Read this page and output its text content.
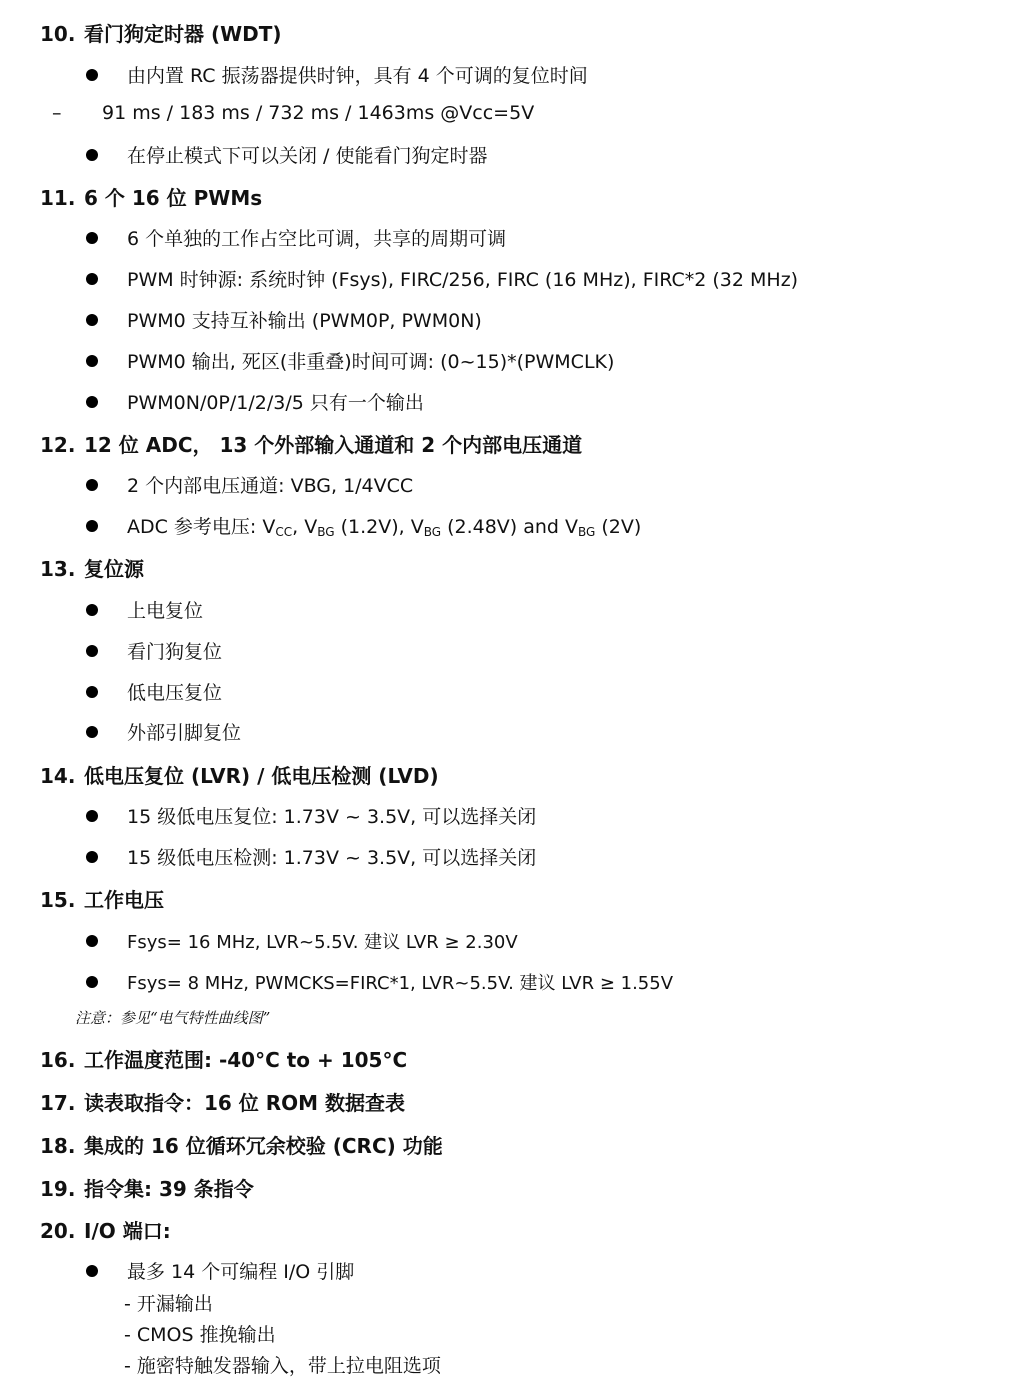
10. 看门狗定时器 (WDT)
由内置 RC 振荡器提供时钟，具有 4 个可调的复位时间
– 91 ms / 183 ms / 732 ms / 1463ms @Vcc=5V
在停止模式下可以关闭 / 使能看门狗定时器
11. 6 个 16 位 PWMs
6 个单独的工作占空比可调，共享的周期可调
PWM 时钟源: 系统时钟 (Fsys), FIRC/256, FIRC (16 MHz), FIRC*2 (32 MHz)
PWM0 支持互补输出 (PWM0P, PWM0N)
PWM0 输出, 死区(非重叠)时间可调: (0~15)*(PWMCLK)
PWM0N/0P/1/2/3/5 只有一个输出
12. 12 位 ADC， 13 个外部输入通道和 2 个内部电压通道
2 个内部电压通道: VBG, 1/4VCC
ADC 参考电压: $V_{CC}$, $V_{BG}$ (1.2V), $V_{BG}$ (2.48V) and $V_{BG}$ (2V)
13. 复位源
上电复位
看门狗复位
低电压复位
外部引脚复位
14. 低电压复位 (LVR) / 低电压检测 (LVD)
15 级低电压复位: 1.73V ~ 3.5V, 可以选择关闭
15 级低电压检测: 1.73V ~ 3.5V, 可以选择关闭
15. 工作电压
Fsys= 16 MHz, LVR~5.5V. 建议 LVR ≥ 2.30V
Fsys= 8 MHz, PWMCKS=FIRC*1, LVR~5.5V. 建议 LVR ≥ 1.55V
注意：参见“电气特性曲线图”
16. 工作温度范围: -40°C to + 105°C
17. 读表取指令：16 位 ROM 数据查表
18. 集成的 16 位循环冗余校验 (CRC) 功能
19. 指令集: 39 条指令
20. I/O 端口:
最多 14 个可编程 I/O 引脚
- 开漏输出
- CMOS 推挽输出
- 施密特触发器输入，带上拉电阻选项
